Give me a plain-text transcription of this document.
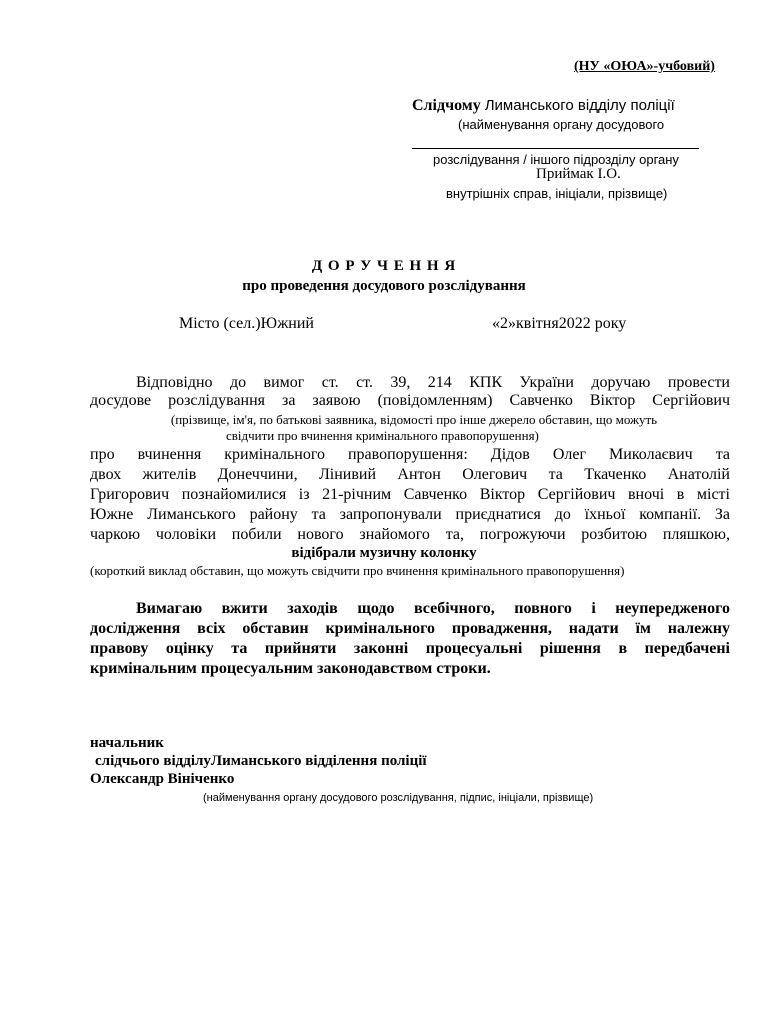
(НУ «ОЮА»-учбовий)
Слідчому Лиманського відділу поліції
(найменування органу досудового
розслідування / іншого підрозділу органу
Приймак І.О.
внутрішніх справ, ініціали, прізвище)
Д О Р У Ч Е Н Н Я
про проведення досудового розслідування
Місто (сел.)Южний	«2»квітня2022 року
Відповідно до вимог ст. ст. 39, 214 КПК України доручаю провести
досудове розслідування за заявою (повідомленням) Савченко Віктор Сергійович
(прізвище, ім'я, по батькові заявника, відомості про інше джерело обставин, що можуть
свідчити про вчинення кримінального правопорушення)
про вчинення кримінального правопорушення: Дідов Олег Миколаєвич та
двох жителів Донеччини, Лінивий Антон Олегович та Ткаченко Анатолій
Григорович познайомилися із 21-річним Савченко Віктор Сергійович вночі в місті
Южне Лиманського району та запропонували приєднатися до їхньої компанії. За
чаркою чоловіки побили нового знайомого та, погрожуючи розбитою пляшкою,
відібрали музичну колонку
(короткий виклад обставин, що можуть свідчити про вчинення кримінального правопорушення)
Вимагаю вжити заходів щодо всебічного, повного і неупередженого
дослідження всіх обставин кримінального провадження, надати їм належну
правову оцінку та прийняти законні процесуальні рішення в передбачені
кримінальним процесуальним законодавством строки.
начальник
слідчього відділуЛиманського відділення поліції
Олександр Вініченко
(найменування органу досудового розслідування, підпис, ініціали, прізвище)
